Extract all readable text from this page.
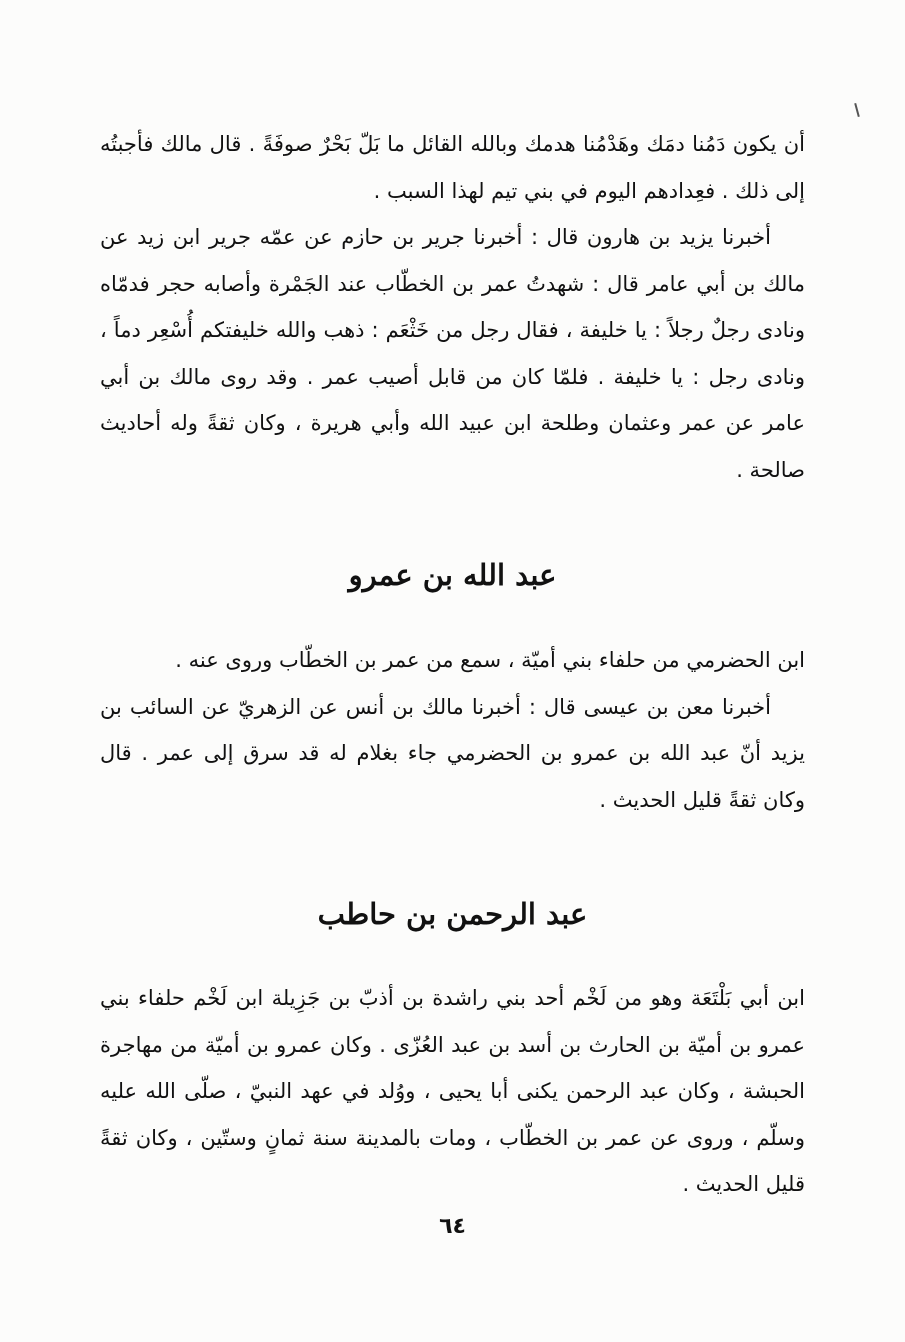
أن يكون دَمُنا دمَك وهَدْمُنا هدمك وبالله القائل ما بَلّ بَحْرٌ صوفَةً . قال مالك فأجبتُه إلى ذلك . فعِدادهم اليوم في بني تيم لهذا السبب .

أخبرنا يزيد بن هارون قال : أخبرنا جرير بن حازم عن عمّه جرير ابن زيد عن مالك بن أبي عامر قال : شهدتُ عمر بن الخطّاب عند الجَمْرة وأصابه حجر فدمّاه ونادى رجلٌ رجلاً : يا خليفة ، فقال رجل من خَثْعَم : ذهب والله خليفتكم أُسْعِر دماً ، ونادى رجل : يا خليفة . فلمّا كان من قابل أصيب عمر . وقد روى مالك بن أبي عامر عن عمر وعثمان وطلحة ابن عبيد الله وأبي هريرة ، وكان ثقةً وله أحاديث صالحة .

عبد الله بن عمرو

ابن الحضرمي من حلفاء بني أميّة ، سمع من عمر بن الخطّاب وروى عنه .

أخبرنا معن بن عيسى قال : أخبرنا مالك بن أنس عن الزهريّ عن السائب بن يزيد أنّ عبد الله بن عمرو بن الحضرمي جاء بغلام له قد سرق إلى عمر . قال وكان ثقةً قليل الحديث .

عبد الرحمن بن حاطب

ابن أبي بَلْتَعَة وهو من لَخْم أحد بني راشدة بن أذبّ بن جَزِيلة ابن لَخْم حلفاء بني عمرو بن أميّة بن الحارث بن أسد بن عبد العُزّى . وكان عمرو بن أميّة من مهاجرة الحبشة ، وكان عبد الرحمن يكنى أبا يحيى ، ووُلد في عهد النبيّ ، صلّى الله عليه وسلّم ، وروى عن عمر بن الخطّاب ، ومات بالمدينة سنة ثمانٍ وستّين ، وكان ثقةً قليل الحديث .

٦٤
